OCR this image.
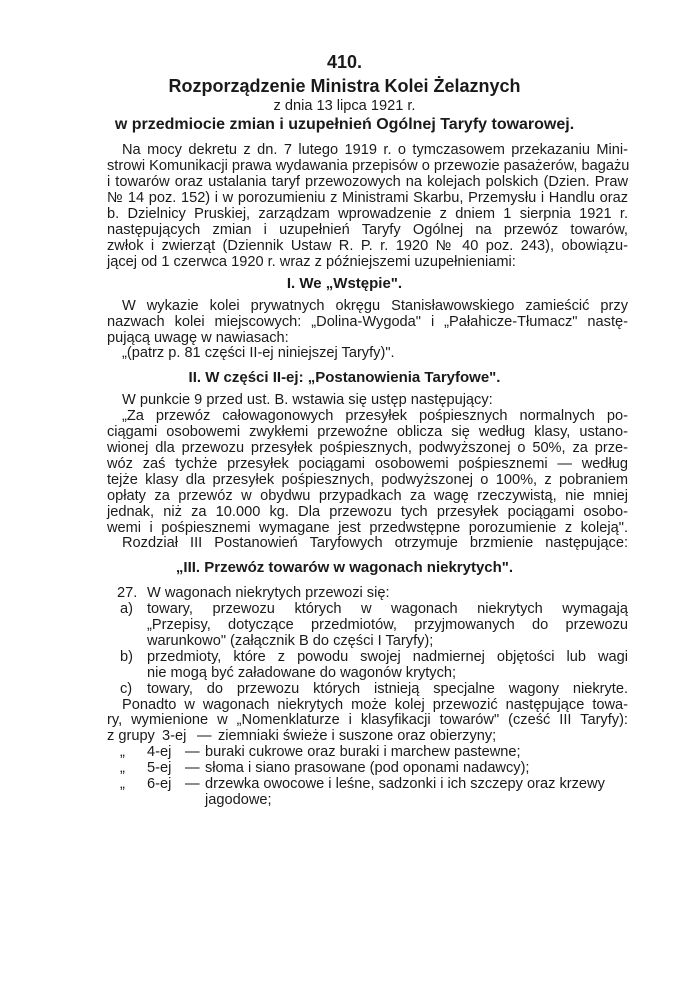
410.
Rozporządzenie Ministra Kolei Żelaznych
z dnia 13 lipca 1921 r.
w przedmiocie zmian i uzupełnień Ogólnej Taryfy towarowej.
Na mocy dekretu z dn. 7 lutego 1919 r. o tymczasowem przekazaniu Mini-
strowi Komunikacji prawa wydawania przepisów o przewozie pasażerów, bagażu
i towarów oraz ustalania taryf przewozowych na kolejach polskich (Dzien. Praw
№ 14 poz. 152) i w porozumieniu z Ministrami Skarbu, Przemysłu i Handlu oraz
b. Dzielnicy Pruskiej, zarządzam wprowadzenie z dniem 1 sierpnia 1921 r.
następujących zmian i uzupełnień Taryfy Ogólnej na przewóz towarów,
zwłok i zwierząt (Dziennik Ustaw R. P. r. 1920 № 40 poz. 243), obowiązu-
jącej od 1 czerwca 1920 r. wraz z późniejszemi uzupełnieniami:
I. We „Wstępie".
W wykazie kolei prywatnych okręgu Stanisławowskiego zamieścić przy
nazwach kolei miejscowych: „Dolina-Wygoda" i „Pałahicze-Tłumacz" nastę-
pującą uwagę w nawiasach:
„(patrz p. 81 części II-ej niniejszej Taryfy)".
II. W części II-ej: „Postanowienia Taryfowe".
W punkcie 9 przed ust. B. wstawia się ustęp następujący:
„Za przewóz całowagonowych przesyłek pośpiesznych normalnych po-
ciągami osobowemi zwykłemi przewoźne oblicza się według klasy, ustano-
wionej dla przewozu przesyłek pośpiesznych, podwyższonej o 50%, za prze-
wóz zaś tychże przesyłek pociągami osobowemi pośpiesznemi — według
tejże klasy dla przesyłek pośpiesznych, podwyższonej o 100%, z pobraniem
opłaty za przewóz w obydwu przypadkach za wagę rzeczywistą, nie mniej
jednak, niż za 10.000 kg. Dla przewozu tych przesyłek pociągami osobo-
wemi i pośpiesznemi wymagane jest przedwstępne porozumienie z koleją".
Rozdział III Postanowień Taryfowych otrzymuje brzmienie następujące:
„III. Przewóz towarów w wagonach niekrytych".
27. W wagonach niekrytych przewozi się:
a) towary, przewozu których w wagonach niekrytych wymagają
„Przepisy, dotyczące przedmiotów, przyjmowanych do przewozu
warunkowo" (załącznik B do części I Taryfy);
b) przedmioty, które z powodu swojej nadmiernej objętości lub wagi
nie mogą być załadowane do wagonów krytych;
c) towary, do przewozu których istnieją specjalne wagony niekryte.
Ponadto w wagonach niekrytych może kolej przewozić następujące towa-
ry, wymienione w „Nomenklaturze i klasyfikacji towarów" (cześć III Taryfy):
z grupy 3-ej — ziemniaki świeże i suszone oraz obierzyny;
„ 4-ej — buraki cukrowe oraz buraki i marchew pastewne;
„ 5-ej — słoma i siano prasowane (pod oponami nadawcy);
„ 6-ej — drzewka owocowe i leśne, sadzonki i ich szczepy oraz krzewy
jagodowe;
